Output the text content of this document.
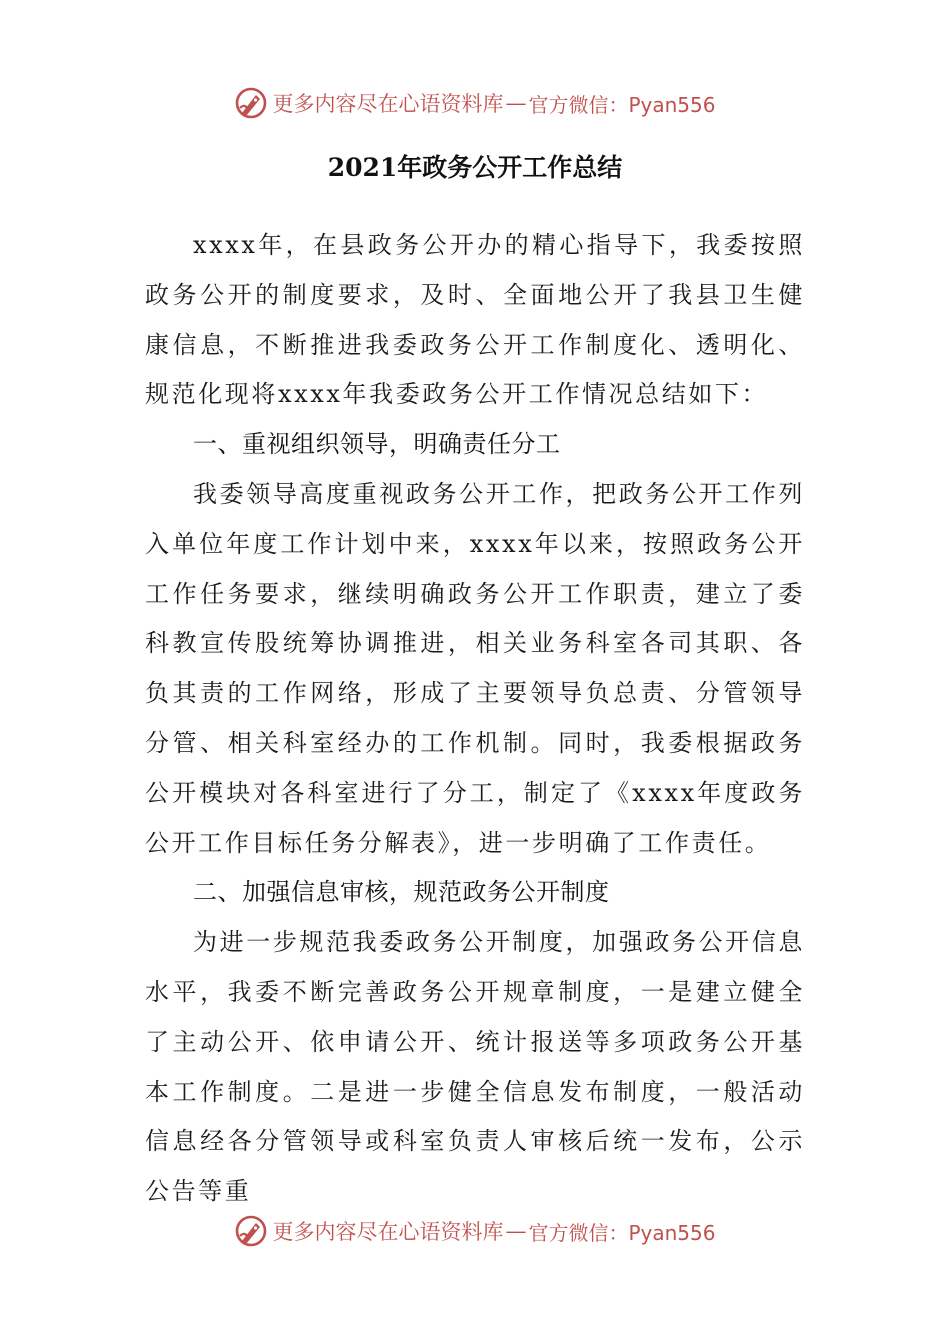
更多内容尽在心语资料库 — 官方微信：Pyan556
2021年政务公开工作总结

xxxx年，在县政务公开办的精心指导下，我委按照政务公开的制度要求，及时、全面地公开了我县卫生健康信息，不断推进我委政务公开工作制度化、透明化、规范化现将xxxx年我委政务公开工作情况总结如下：

一、重视组织领导，明确责任分工

我委领导高度重视政务公开工作，把政务公开工作列入单位年度工作计划中来，xxxx年以来，按照政务公开工作任务要求，继续明确政务公开工作职责，建立了委科教宣传股统筹协调推进，相关业务科室各司其职、各负其责的工作网络，形成了主要领导负总责、分管领导分管、相关科室经办的工作机制。同时，我委根据政务公开模块对各科室进行了分工，制定了《xxxx年度政务公开工作目标任务分解表》，进一步明确了工作责任。

二、加强信息审核，规范政务公开制度

为进一步规范我委政务公开制度，加强政务公开信息水平，我委不断完善政务公开规章制度，一是建立健全了主动公开、依申请公开、统计报送等多项政务公开基本工作制度。二是进一步健全信息发布制度，一般活动信息经各分管领导或科室负责人审核后统一发布，公示公告等重

更多内容尽在心语资料库 — 官方微信：Pyan556
